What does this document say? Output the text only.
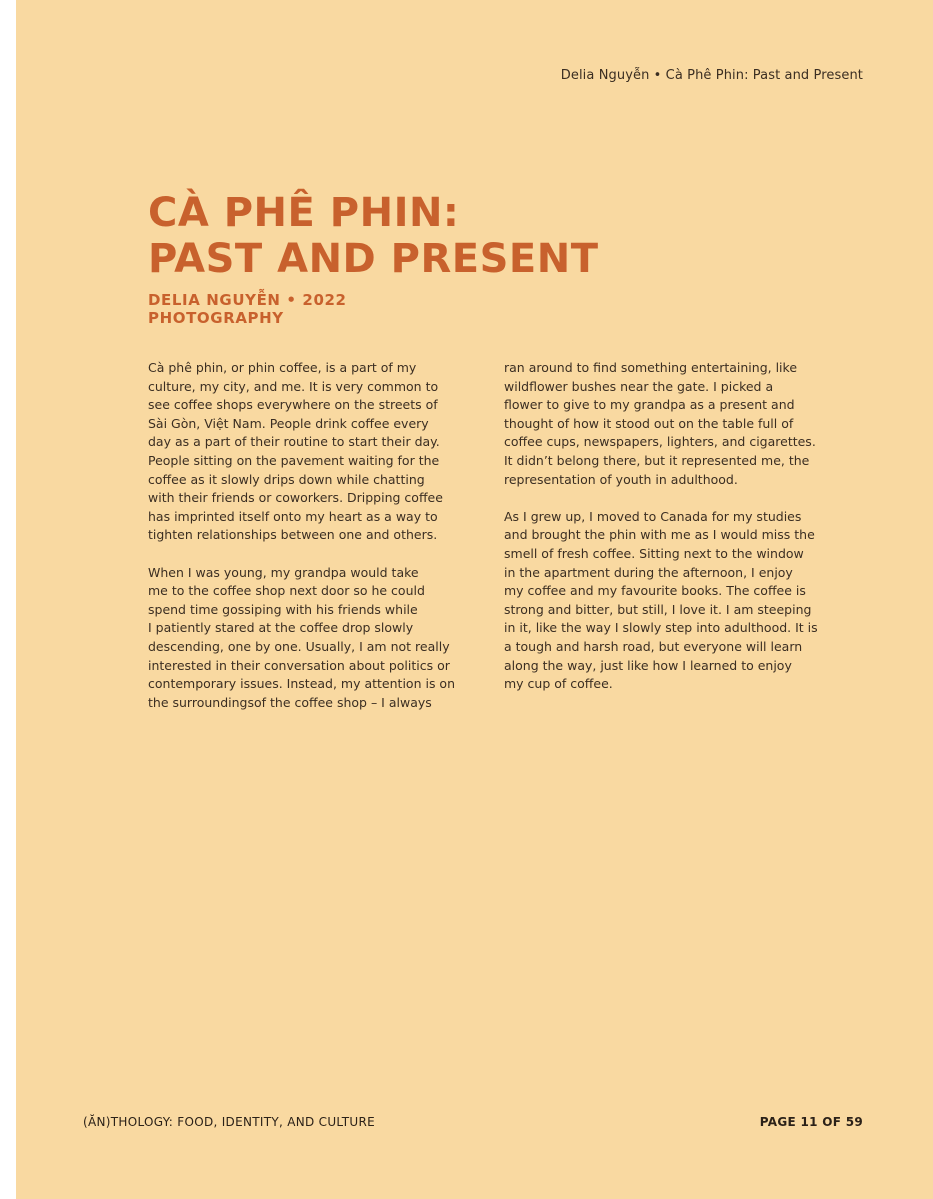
Delia Nguyễn • Cà Phê Phin: Past and Present
CÀ PHÊ PHIN:
PAST AND PRESENT
DELIA NGUYỄN • 2022
PHOTOGRAPHY

Cà phê phin, or phin coffee, is a part of my
culture, my city, and me. It is very common to
see coffee shops everywhere on the streets of
Sài Gòn, Việt Nam. People drink coffee every
day as a part of their routine to start their day.
People sitting on the pavement waiting for the
coffee as it slowly drips down while chatting
with their friends or coworkers. Dripping coffee
has imprinted itself onto my heart as a way to
tighten relationships between one and others.

When I was young, my grandpa would take
me to the coffee shop next door so he could
spend time gossiping with his friends while
I patiently stared at the coffee drop slowly
descending, one by one. Usually, I am not really
interested in their conversation about politics or
contemporary issues. Instead, my attention is on
the surroundingsof the coffee shop – I always

ran around to find something entertaining, like
wildflower bushes near the gate. I picked a
flower to give to my grandpa as a present and
thought of how it stood out on the table full of
coffee cups, newspapers, lighters, and cigarettes.
It didn’t belong there, but it represented me, the
representation of youth in adulthood.

As I grew up, I moved to Canada for my studies
and brought the phin with me as I would miss the
smell of fresh coffee. Sitting next to the window
in the apartment during the afternoon, I enjoy
my coffee and my favourite books. The coffee is
strong and bitter, but still, I love it. I am steeping
in it, like the way I slowly step into adulthood. It is
a tough and harsh road, but everyone will learn
along the way, just like how I learned to enjoy
my cup of coffee.

(ĂN)THOLOGY: FOOD, IDENTITY, AND CULTURE	PAGE 11 OF 59
